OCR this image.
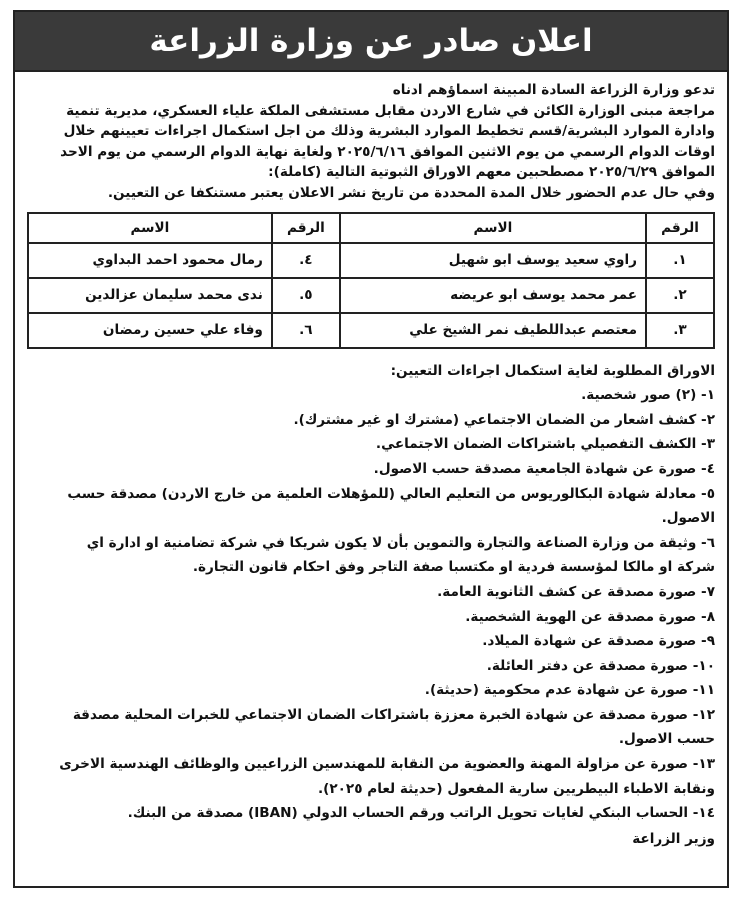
اعلان صادر عن وزارة الزراعة

تدعو وزارة الزراعة السادة المبينة اسماؤهم ادناه

مراجعة مبنى الوزارة الكائن في شارع الاردن مقابل مستشفى الملكة علياء العسكري، مديرية تنمية

وادارة الموارد البشرية/قسم تخطيط الموارد البشرية وذلك من اجل استكمال اجراءات تعيينهم خلال

اوقات الدوام الرسمي من يوم الاثنين الموافق ٢٠٢٥/٦/١٦ ولغاية نهاية الدوام الرسمي من يوم الاحد

الموافق ٢٠٢٥/٦/٢٩ مصطحبين معهم الاوراق الثبوتية التالية (كاملة):

وفي حال عدم الحضور خلال المدة المحددة من تاريخ نشر الاعلان يعتبر مستنكفا عن التعيين.

الرقم	الاسم	الرقم	الاسم
١.	راوي سعيد يوسف ابو شهيل	٤.	رمال محمود احمد البداوي
٢.	عمر محمد يوسف ابو عريضه	٥.	ندى محمد سليمان عزالدين
٣.	معتصم عبداللطيف نمر الشيخ علي	٦.	وفاء علي حسين رمضان

الاوراق المطلوبة لغاية استكمال اجراءات التعيين:

١- (٢) صور شخصية.

٢- كشف اشعار من الضمان الاجتماعي (مشترك او غير مشترك).

٣- الكشف التفصيلي باشتراكات الضمان الاجتماعي.

٤- صورة عن شهادة الجامعية مصدقة حسب الاصول.

٥- معادلة شهادة البكالوريوس من التعليم العالي (للمؤهلات العلمية من خارج الاردن) مصدقة حسب

الاصول.

٦- وثيقة من وزارة الصناعة والتجارة والتموين بأن لا يكون شريكا في شركة تضامنية او ادارة اي

شركة او مالكا لمؤسسة فردية او مكتسبا صفة التاجر وفق احكام قانون التجارة.

٧- صورة مصدقة عن كشف الثانوية العامة.

٨- صورة مصدقة عن الهوية الشخصية.

٩- صورة مصدقة عن شهادة الميلاد.

١٠- صورة مصدقة عن دفتر العائلة.

١١- صورة عن شهادة عدم محكومية (حديثة).

١٢- صورة مصدقة عن شهادة الخبرة معززة باشتراكات الضمان الاجتماعي للخبرات المحلية مصدقة

حسب الاصول.

١٣- صورة عن مزاولة المهنة والعضوية من النقابة للمهندسين الزراعيين والوظائف الهندسية الاخرى

ونقابة الاطباء البيطريين سارية المفعول (حديثة لعام ٢٠٢٥).

١٤- الحساب البنكي لغايات تحويل الراتب ورقم الحساب الدولي (IBAN) مصدقة من البنك.

وزير الزراعة
